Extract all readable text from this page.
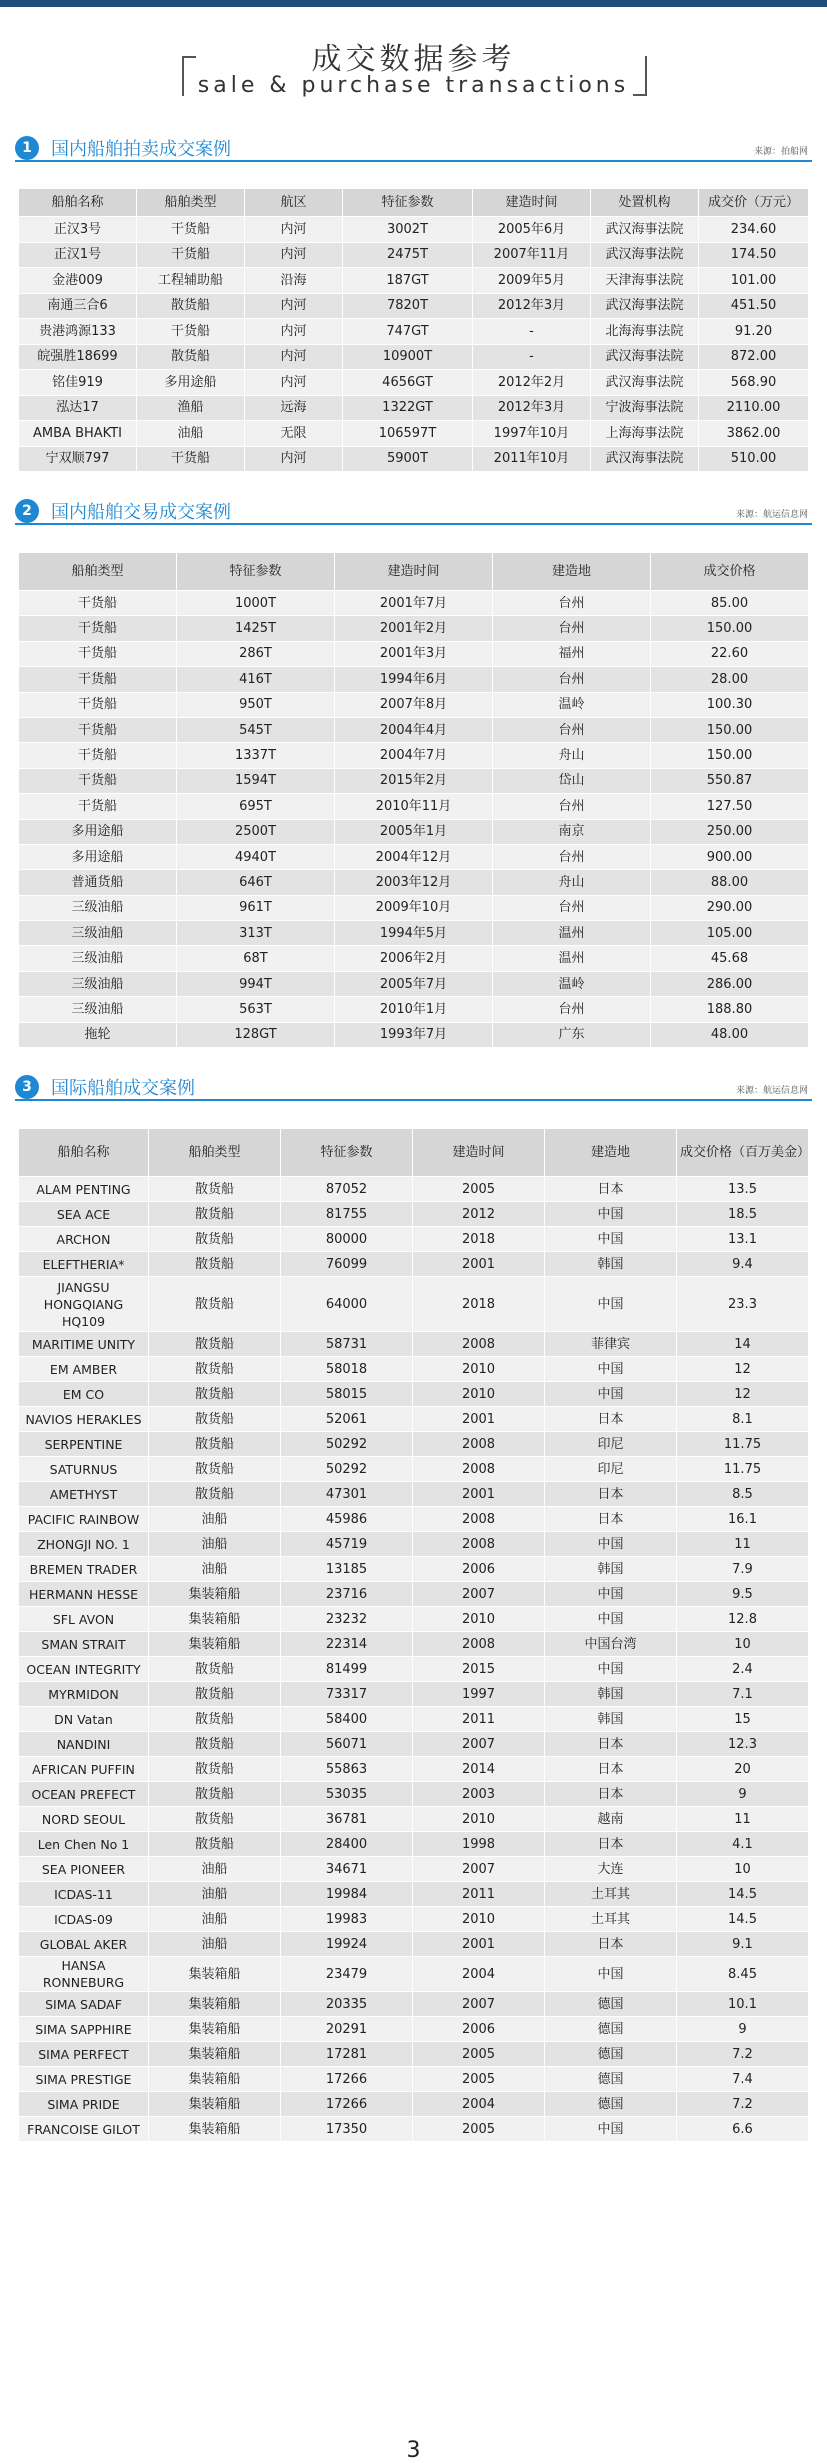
成交数据参考
sale & purchase transactions
1	国内船舶拍卖成交案例	来源：拍船网
船舶名称	船舶类型	航区	特征参数	建造时间	处置机构	成交价（万元）
正汉3号	干货船	内河	3002T	2005年6月	武汉海事法院	234.60
正汉1号	干货船	内河	2475T	2007年11月	武汉海事法院	174.50
金港009	工程辅助船	沿海	187GT	2009年5月	天津海事法院	101.00
南通三合6	散货船	内河	7820T	2012年3月	武汉海事法院	451.50
贵港鸿源133	干货船	内河	747GT	-	北海海事法院	91.20
皖强胜18699	散货船	内河	10900T	-	武汉海事法院	872.00
铭佳919	多用途船	内河	4656GT	2012年2月	武汉海事法院	568.90
泓达17	渔船	远海	1322GT	2012年3月	宁波海事法院	2110.00
AMBA BHAKTI	油船	无限	106597T	1997年10月	上海海事法院	3862.00
宁双顺797	干货船	内河	5900T	2011年10月	武汉海事法院	510.00
2	国内船舶交易成交案例	来源：航运信息网
船舶类型	特征参数	建造时间	建造地	成交价格
干货船	1000T	2001年7月	台州	85.00
干货船	1425T	2001年2月	台州	150.00
干货船	286T	2001年3月	福州	22.60
干货船	416T	1994年6月	台州	28.00
干货船	950T	2007年8月	温岭	100.30
干货船	545T	2004年4月	台州	150.00
干货船	1337T	2004年7月	舟山	150.00
干货船	1594T	2015年2月	岱山	550.87
干货船	695T	2010年11月	台州	127.50
多用途船	2500T	2005年1月	南京	250.00
多用途船	4940T	2004年12月	台州	900.00
普通货船	646T	2003年12月	舟山	88.00
三级油船	961T	2009年10月	台州	290.00
三级油船	313T	1994年5月	温州	105.00
三级油船	68T	2006年2月	温州	45.68
三级油船	994T	2005年7月	温岭	286.00
三级油船	563T	2010年1月	台州	188.80
拖轮	128GT	1993年7月	广东	48.00
3	国际船舶成交案例	来源：航运信息网
船舶名称	船舶类型	特征参数	建造时间	建造地	成交价格（百万美金）
ALAM PENTING	散货船	87052	2005	日本	13.5
SEA ACE	散货船	81755	2012	中国	18.5
ARCHON	散货船	80000	2018	中国	13.1
ELEFTHERIA*	散货船	76099	2001	韩国	9.4
JIANGSU HONGQIANG HQ109	散货船	64000	2018	中国	23.3
MARITIME UNITY	散货船	58731	2008	菲律宾	14
EM AMBER	散货船	58018	2010	中国	12
EM CO	散货船	58015	2010	中国	12
NAVIOS HERAKLES	散货船	52061	2001	日本	8.1
SERPENTINE	散货船	50292	2008	印尼	11.75
SATURNUS	散货船	50292	2008	印尼	11.75
AMETHYST	散货船	47301	2001	日本	8.5
PACIFIC RAINBOW	油船	45986	2008	日本	16.1
ZHONGJI NO. 1	油船	45719	2008	中国	11
BREMEN TRADER	油船	13185	2006	韩国	7.9
HERMANN HESSE	集装箱船	23716	2007	中国	9.5
SFL AVON	集装箱船	23232	2010	中国	12.8
SMAN STRAIT	集装箱船	22314	2008	中国台湾	10
OCEAN INTEGRITY	散货船	81499	2015	中国	2.4
MYRMIDON	散货船	73317	1997	韩国	7.1
DN Vatan	散货船	58400	2011	韩国	15
NANDINI	散货船	56071	2007	日本	12.3
AFRICAN PUFFIN	散货船	55863	2014	日本	20
OCEAN PREFECT	散货船	53035	2003	日本	9
NORD SEOUL	散货船	36781	2010	越南	11
Len Chen No 1	散货船	28400	1998	日本	4.1
SEA PIONEER	油船	34671	2007	大连	10
ICDAS-11	油船	19984	2011	土耳其	14.5
ICDAS-09	油船	19983	2010	土耳其	14.5
GLOBAL AKER	油船	19924	2001	日本	9.1
HANSA RONNEBURG	集装箱船	23479	2004	中国	8.45
SIMA SADAF	集装箱船	20335	2007	德国	10.1
SIMA SAPPHIRE	集装箱船	20291	2006	德国	9
SIMA PERFECT	集装箱船	17281	2005	德国	7.2
SIMA PRESTIGE	集装箱船	17266	2005	德国	7.4
SIMA PRIDE	集装箱船	17266	2004	德国	7.2
FRANCOISE GILOT	集装箱船	17350	2005	中国	6.6
3
